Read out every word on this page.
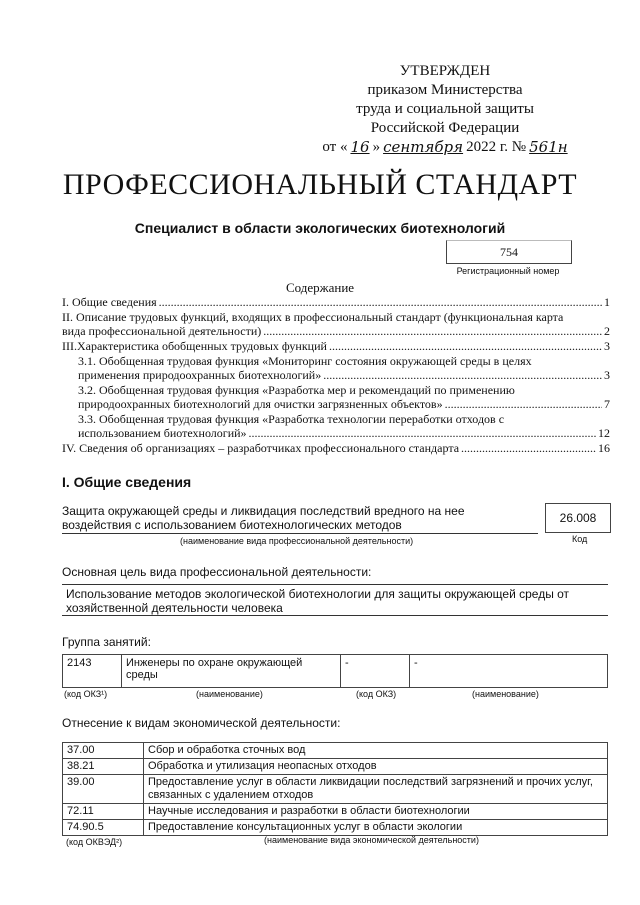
УТВЕРЖДЕН
приказом Министерства
труда и социальной защиты
Российской Федерации
от « 16 » сентября 2022 г. № 561н
ПРОФЕССИОНАЛЬНЫЙ СТАНДАРТ
Специалист в области экологических биотехнологий
754
Регистрационный номер
Содержание
I. Общие сведения .....	1
II. Описание трудовых функций, входящих в профессиональный стандарт (функциональная карта
вида профессиональной деятельности) .....	2
III.Характеристика обобщенных трудовых функций .....	3
3.1. Обобщенная трудовая функция «Мониторинг состояния окружающей среды в целях
применения природоохранных биотехнологий» .....	3
3.2. Обобщенная трудовая функция «Разработка мер и рекомендаций по применению
природоохранных биотехнологий для очистки загрязненных объектов» .....	7
3.3. Обобщенная трудовая функция «Разработка технологии переработки отходов с
использованием биотехнологий» .....	12
IV. Сведения об организациях – разработчиках профессионального стандарта .....	16
I. Общие сведения
Защита окружающей среды и ликвидация последствий вредного на нее воздействия с использованием биотехнологических методов	26.008
(наименование вида профессиональной деятельности)	Код
Основная цель вида профессиональной деятельности:
Использование методов экологической биотехнологии для защиты окружающей среды от хозяйственной деятельности человека
Группа занятий:
2143	Инженеры по охране окружающей среды	-	-
(код ОКЗ¹)	(наименование)	(код ОКЗ)	(наименование)
Отнесение к видам экономической деятельности:
37.00	Сбор и обработка сточных вод
38.21	Обработка и утилизация неопасных отходов
39.00	Предоставление услуг в области ликвидации последствий загрязнений и прочих услуг, связанных с удалением отходов
72.11	Научные исследования и разработки в области биотехнологии
74.90.5	Предоставление консультационных услуг в области экологии
(код ОКВЭД²)	(наименование вида экономической деятельности)
